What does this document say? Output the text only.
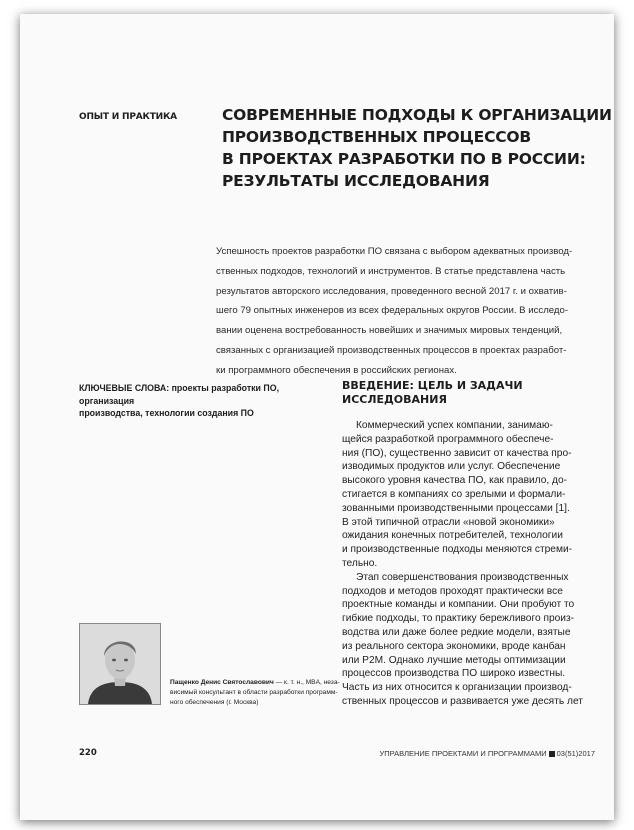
ОПЫТ И ПРАКТИКА	СОВРЕМЕННЫЕ ПОДХОДЫ К ОРГАНИЗАЦИИ
ПРОИЗВОДСТВЕННЫХ ПРОЦЕССОВ
В ПРОЕКТАХ РАЗРАБОТКИ ПО В РОССИИ:
РЕЗУЛЬТАТЫ ИССЛЕДОВАНИЯ
Успешность проектов разработки ПО связана с выбором адекватных производ-
ственных подходов, технологий и инструментов. В статье представлена часть
результатов авторского исследования, проведенного весной 2017 г. и охватив-
шего 79 опытных инженеров из всех федеральных округов России. В исследо-
вании оценена востребованность новейших и значимых мировых тенденций,
связанных с организацией производственных процессов в проектах разработ-
ки программного обеспечения в российских регионах.
КЛЮЧЕВЫЕ СЛОВА: проекты разработки ПО, организация
производства, технологии создания ПО
ВВЕДЕНИЕ: ЦЕЛЬ И ЗАДАЧИ
ИССЛЕДОВАНИЯ
Коммерческий успех компании, занимаю-
щейся разработкой программного обеспече-
ния (ПО), существенно зависит от качества про-
изводимых продуктов или услуг. Обеспечение
высокого уровня качества ПО, как правило, до-
стигается в компаниях со зрелыми и формали-
зованными производственными процессами [1].
В этой типичной отрасли «новой экономики»
ожидания конечных потребителей, технологии
и производственные подходы меняются стреми-
тельно.
Этап совершенствования производственных
подходов и методов проходят практически все
проектные команды и компании. Они пробуют то
гибкие подходы, то практику бережливого произ-
водства или даже более редкие модели, взятые
из реального сектора экономики, вроде канбан
или P2M. Однако лучшие методы оптимизации
процессов производства ПО широко известны.
Часть из них относится к организации производ-
ственных процессов и развивается уже десять лет
Пащенко Денис Святославович — к. т. н., MBA, неза-
висимый консультант в области разработки программ-
ного обеспечения (г. Москва)
220	УПРАВЛЕНИЕ ПРОЕКТАМИ И ПРОГРАММАМИ 03(51)2017
